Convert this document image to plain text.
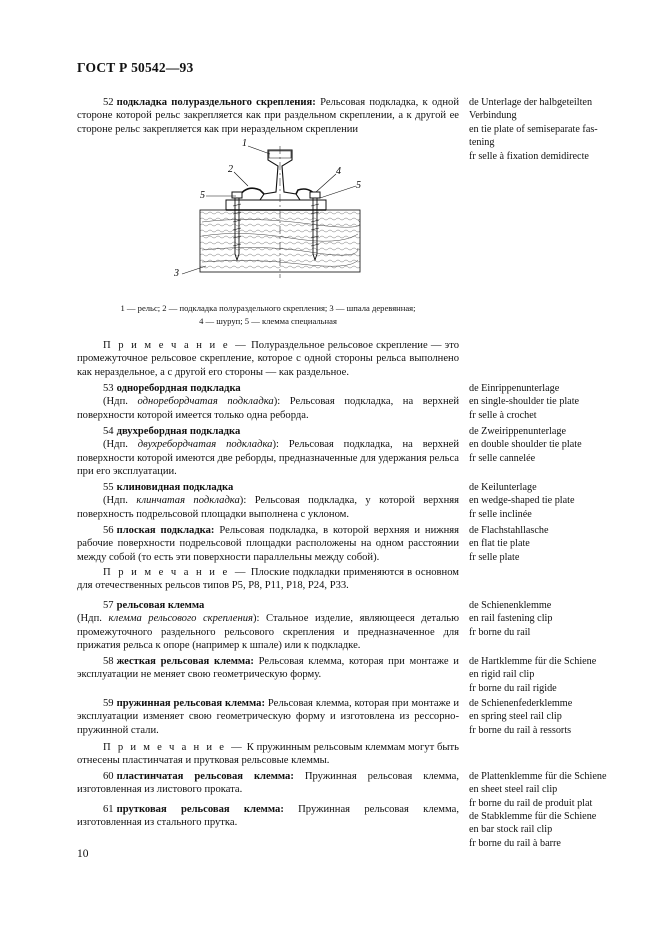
ГОСТ Р 50542—93
52 подкладка полураздельного скрепления: Рельсовая подкладка, к одной стороне которой рельс закрепляется как при раздельном скреплении, а к другой ее стороне рельс закрепляется как при нераздельном скреплении
de Unterlage der halbgeteilten
Verbindung
en tie plate of semiseparate fas-
tening
fr selle à fixation demidirecte
1
2
3
4
5
5
1 — рельс; 2 — подкладка полураздельного скрепления; 3 — шпала деревянная;
4 — шуруп; 5 — клемма специальная
П р и м е ч а н и е — Полураздельное рельсовое скрепление — это промежуточное рельсовое скрепление, которое с одной стороны рельса выполнено как нераздельное, а с другой его стороны — как раздельное.
53 одноребордная подкладка
(Ндп. одноребордчатая подкладка): Рельсовая подкладка, на верхней поверхности которой имеется только одна реборда.
de Einrippenunterlage
en single-shoulder tie plate
fr selle à crochet
54 двухребордная подкладка
(Ндп. двухребордчатая подкладка): Рельсовая подкладка, на верхней поверхности которой имеются две реборды, предназначенные для удержания рельса при его эксплуатации.
de Zweirippenunterlage
en double shoulder tie plate
fr selle cannelée
55 клиновидная подкладка
(Ндп. клинчатая подкладка): Рельсовая подкладка, у которой верхняя поверхность подрельсовой площадки выполнена с уклоном.
de Keilunterlage
en wedge-shaped tie plate
fr selle inclinée
56 плоская подкладка: Рельсовая подкладка, в которой верхняя и нижняя рабочие поверхности подрельсовой площадки расположены на одном расстоянии между собой (то есть эти поверхности параллельны между собой).
de Flachstahllasche
en flat tie plate
fr selle plate
П р и м е ч а н и е — Плоские подкладки применяются в основном для отечественных рельсов типов Р5, Р8, Р11, Р18, Р24, Р33.
57 рельсовая клемма
(Ндп. клемма рельсового скрепления): Стальное изделие, являющееся деталью промежуточного раздельного рельсового скрепления и предназначенное для прижатия рельса к опоре (например к шпале) или к подкладке.
de Schienenklemme
en rail fastening clip
fr borne du rail
58 жесткая рельсовая клемма: Рельсовая клемма, которая при монтаже и эксплуатации не меняет свою геометрическую форму.
de Hartklemme für die Schiene
en rigid rail clip
fr borne du rail rigide
59 пружинная рельсовая клемма: Рельсовая клемма, которая при монтаже и эксплуатации изменяет свою геометрическую форму и изготовлена из рессорно-пружинной стали.
de Schienenfederklemme
en spring steel rail clip
fr borne du rail à ressorts
П р и м е ч а н и е — К пружинным рельсовым клеммам могут быть отнесены пластинчатая и прутковая рельсовые клеммы.
60 пластинчатая рельсовая клемма: Пружинная рельсовая клемма, изготовленная из листового проката.
de Plattenklemme für die Schiene
en sheet steel rail clip
fr borne du rail de produit plat
61 прутковая рельсовая клемма: Пружинная рельсовая клемма, изготовленная из стального прутка.
de Stabklemme für die Schiene
en bar stock rail clip
fr borne du rail à barre
10
